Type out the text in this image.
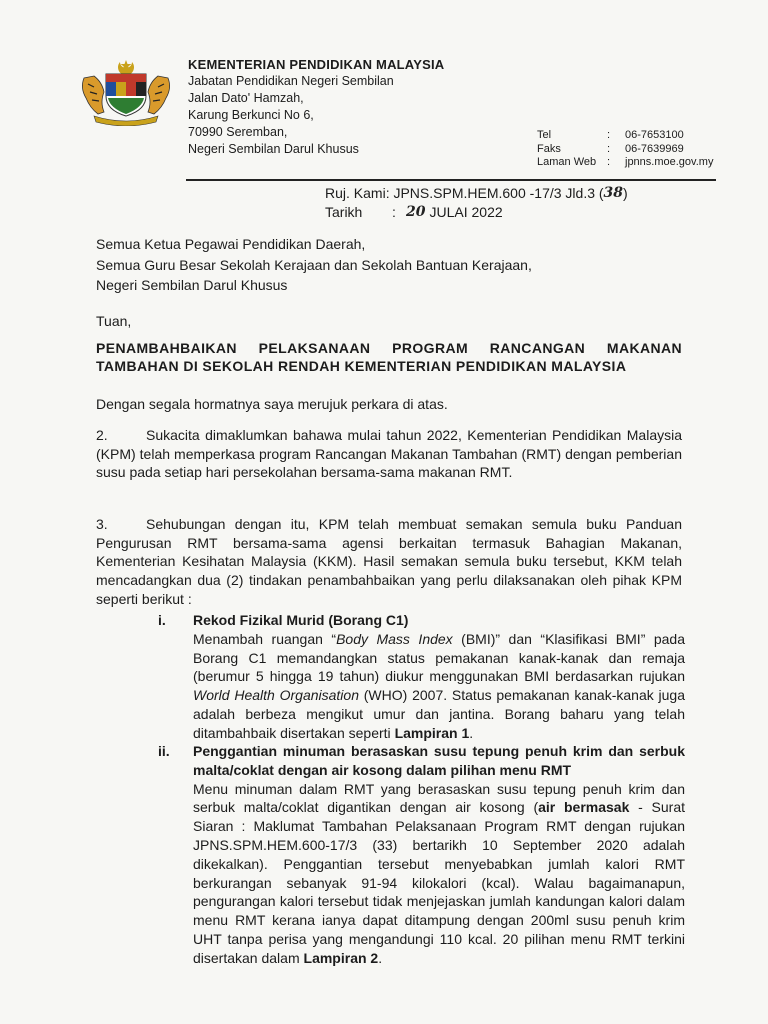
KEMENTERIAN PENDIDIKAN MALAYSIA
Jabatan Pendidikan Negeri Sembilan
Jalan Dato' Hamzah,
Karung Berkunci No 6,
70990 Seremban,
Negeri Sembilan Darul Khusus
Tel	:	06-7653100
Faks	:	06-7639969
Laman Web :	jpnns.moe.gov.my
Ruj. Kami : JPNS.SPM.HEM.600 -17/3 Jld.3 ( 38 )
Tarikh	: 20 JULAI 2022
Semua Ketua Pegawai Pendidikan Daerah,
Semua Guru Besar Sekolah Kerajaan dan Sekolah Bantuan Kerajaan,
Negeri Sembilan Darul Khusus
Tuan,
PENAMBAHBAIKAN PELAKSANAAN PROGRAM RANCANGAN MAKANAN
TAMBAHAN DI SEKOLAH RENDAH KEMENTERIAN PENDIDIKAN MALAYSIA
Dengan segala hormatnya saya merujuk perkara di atas.
2.	Sukacita dimaklumkan bahawa mulai tahun 2022, Kementerian Pendidikan Malaysia (KPM) telah memperkasa program Rancangan Makanan Tambahan (RMT) dengan pemberian susu pada setiap hari persekolahan bersama-sama makanan RMT.
3.	Sehubungan dengan itu, KPM telah membuat semakan semula buku Panduan Pengurusan RMT bersama-sama agensi berkaitan termasuk Bahagian Makanan, Kementerian Kesihatan Malaysia (KKM). Hasil semakan semula buku tersebut, KKM telah mencadangkan dua (2) tindakan penambahbaikan yang perlu dilaksanakan oleh pihak KPM seperti berikut :
i. Rekod Fizikal Murid (Borang C1)
Menambah ruangan “Body Mass Index (BMI)” dan “Klasifikasi BMI” pada Borang C1 memandangkan status pemakanan kanak-kanak dan remaja (berumur 5 hingga 19 tahun) diukur menggunakan BMI berdasarkan rujukan World Health Organisation (WHO) 2007. Status pemakanan kanak-kanak juga adalah berbeza mengikut umur dan jantina. Borang baharu yang telah ditambahbaik disertakan seperti Lampiran 1.
ii. Penggantian minuman berasaskan susu tepung penuh krim dan serbuk malta/coklat dengan air kosong dalam pilihan menu RMT
Menu minuman dalam RMT yang berasaskan susu tepung penuh krim dan serbuk malta/coklat digantikan dengan air kosong (air bermasak - Surat Siaran : Maklumat Tambahan Pelaksanaan Program RMT dengan rujukan JPNS.SPM.HEM.600-17/3 (33) bertarikh 10 September 2020 adalah dikekalkan). Penggantian tersebut menyebabkan jumlah kalori RMT berkurangan sebanyak 91-94 kilokalori (kcal). Walau bagaimanapun, pengurangan kalori tersebut tidak menjejaskan jumlah kandungan kalori dalam menu RMT kerana ianya dapat ditampung dengan 200ml susu penuh krim UHT tanpa perisa yang mengandungi 110 kcal. 20 pilihan menu RMT terkini disertakan dalam Lampiran 2.
